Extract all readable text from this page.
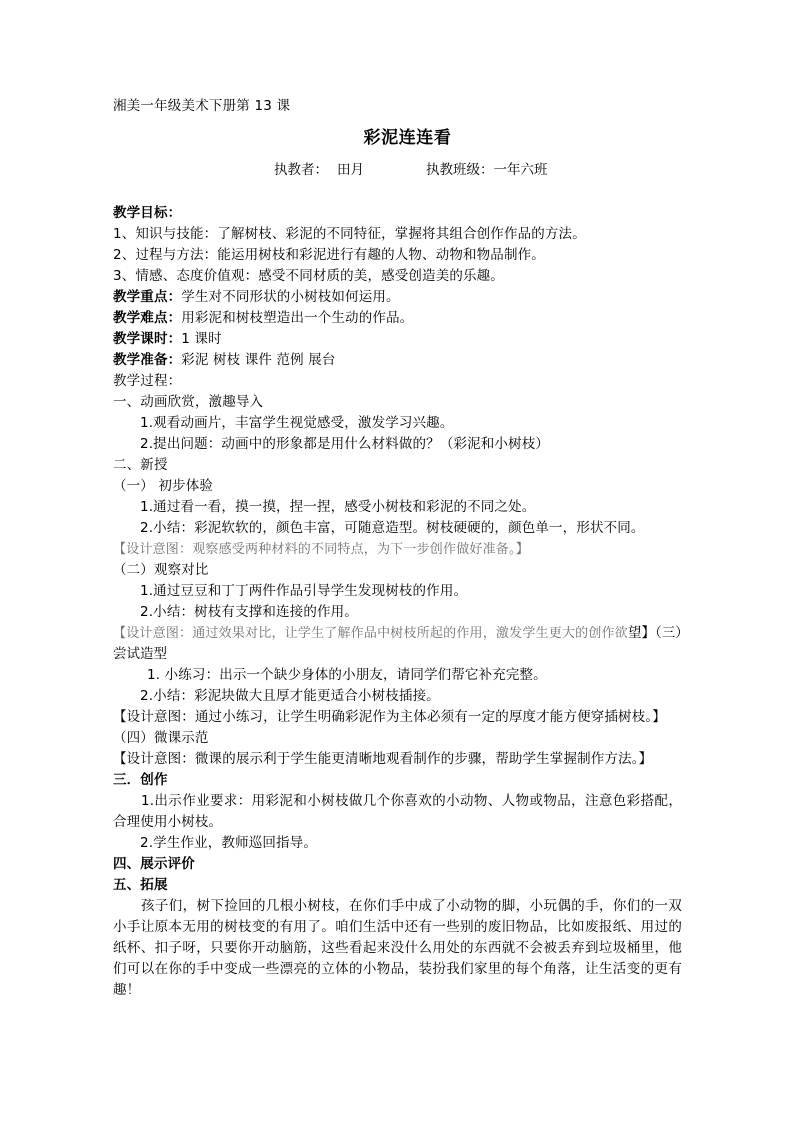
湘美一年级美术下册第 13 课

彩泥连连看

执教者： 田月	执教班级：一年六班

教学目标：

1、知识与技能：了解树枝、彩泥的不同特征，掌握将其组合创作作品的方法。

2、过程与方法：能运用树枝和彩泥进行有趣的人物、动物和物品制作。

3、情感、态度价值观：感受不同材质的美，感受创造美的乐趣。

教学重点：学生对不同形状的小树枝如何运用。

教学难点：用彩泥和树枝塑造出一个生动的作品。

教学课时：1 课时

教学准备：彩泥 树枝 课件 范例 展台

教学过程：

一、动画欣赏，激趣导入

1.观看动画片，丰富学生视觉感受，激发学习兴趣。

2.提出问题：动画中的形象都是用什么材料做的？（彩泥和小树枝）

二、新授

（一） 初步体验

1.通过看一看，摸一摸，捏一捏，感受小树枝和彩泥的不同之处。

2.小结：彩泥软软的，颜色丰富，可随意造型。树枝硬硬的，颜色单一，形状不同。

【设计意图：观察感受两种材料的不同特点，为下一步创作做好准备。】

（二）观察对比

1.通过豆豆和丁丁两件作品引导学生发现树枝的作用。

2.小结：树枝有支撑和连接的作用。

【设计意图：通过效果对比，让学生了解作品中树枝所起的作用，激发学生更大的创作欲望】（三）尝试造型

1. 小练习：出示一个缺少身体的小朋友，请同学们帮它补充完整。

2.小结：彩泥块做大且厚才能更适合小树枝插接。

【设计意图：通过小练习，让学生明确彩泥作为主体必须有一定的厚度才能方便穿插树枝。】

（四）微课示范

【设计意图：微课的展示利于学生能更清晰地观看制作的步骤，帮助学生掌握制作方法。】

三．创作

1.出示作业要求：用彩泥和小树枝做几个你喜欢的小动物、人物或物品，注意色彩搭配，合理使用小树枝。

2.学生作业，教师巡回指导。

四、展示评价

五、拓展

孩子们，树下捡回的几根小树枝，在你们手中成了小动物的脚，小玩偶的手，你们的一双小手让原本无用的树枝变的有用了。咱们生活中还有一些别的废旧物品，比如废报纸、用过的纸杯、扣子呀，只要你开动脑筋，这些看起来没什么用处的东西就不会被丢弃到垃圾桶里，他们可以在你的手中变成一些漂亮的立体的小物品，装扮我们家里的每个角落，让生活变的更有趣！
